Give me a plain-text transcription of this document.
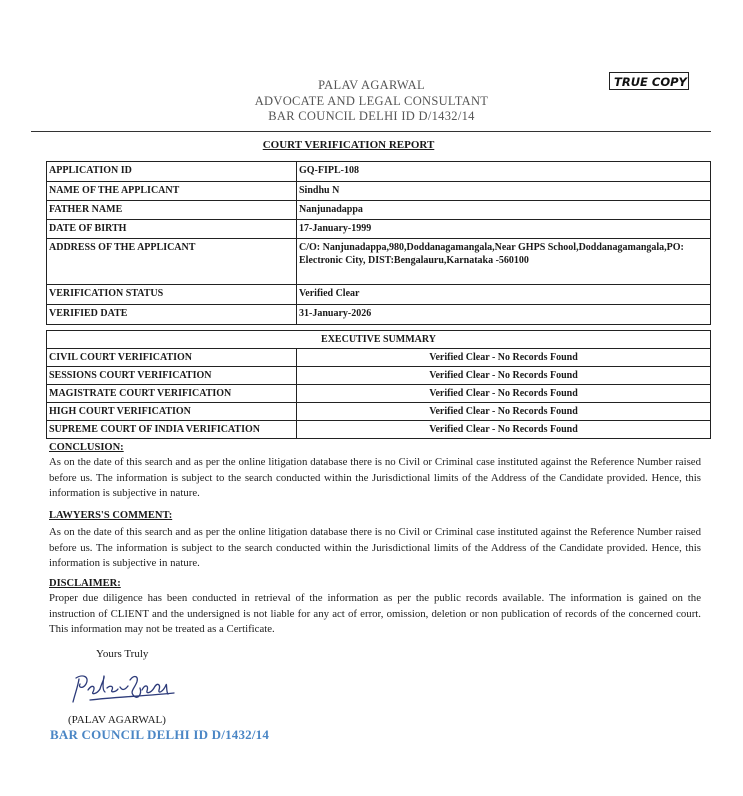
PALAV AGARWAL
ADVOCATE AND LEGAL CONSULTANT
BAR COUNCIL DELHI ID D/1432/14
TRUE COPY
COURT VERIFICATION REPORT
APPLICATION ID	GQ-FIPL-108
NAME OF THE APPLICANT	Sindhu N
FATHER NAME	Nanjunadappa
DATE OF BIRTH	17-January-1999
ADDRESS OF THE APPLICANT	C/O: Nanjunadappa,980,Doddanagamangala,Near GHPS School,Doddanagamangala,PO: Electronic City, DIST:Bengalauru,Karnataka -560100
VERIFICATION STATUS	Verified Clear
VERIFIED DATE	31-January-2026
EXECUTIVE SUMMARY	
CIVIL COURT VERIFICATION	Verified Clear - No Records Found
SESSIONS COURT VERIFICATION	Verified Clear - No Records Found
MAGISTRATE COURT VERIFICATION	Verified Clear - No Records Found
HIGH COURT VERIFICATION	Verified Clear - No Records Found
SUPREME COURT OF INDIA VERIFICATION	Verified Clear - No Records Found
CONCLUSION:
As on the date of this search and as per the online litigation database there is no Civil or Criminal case instituted against the Reference Number raised before us. The information is subject to the search conducted within the Jurisdictional limits of the Address of the Candidate provided. Hence, this information is subjective in nature.
LAWYERS'S COMMENT:
As on the date of this search and as per the online litigation database there is no Civil or Criminal case instituted against the Reference Number raised before us. The information is subject to the search conducted within the Jurisdictional limits of the Address of the Candidate provided. Hence, this information is subjective in nature.
DISCLAIMER:
Proper due diligence has been conducted in retrieval of the information as per the public records available. The information is gained on the instruction of CLIENT and the undersigned is not liable for any act of error, omission, deletion or non publication of records of the concerned court. This information may not be treated as a Certificate.
Yours Truly
(PALAV AGARWAL)
BAR COUNCIL DELHI ID D/1432/14
